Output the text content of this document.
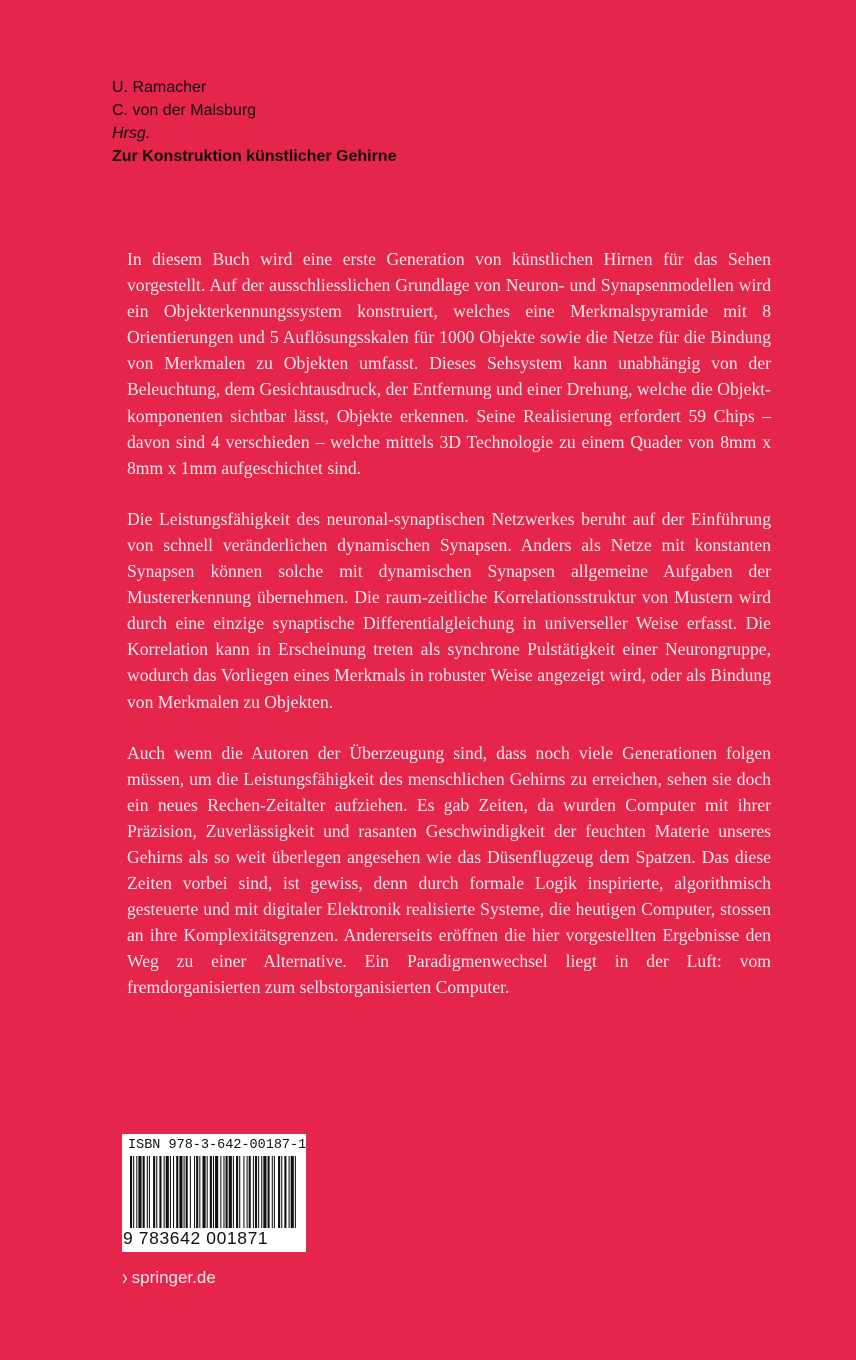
U. Ramacher
C. von der Malsburg
Hrsg.
Zur Konstruktion künstlicher Gehirne

In diesem Buch wird eine erste Generation von künstlichen Hirnen für das Sehen vorgestellt. Auf der ausschliesslichen Grundlage von Neuron- und Synapsenmodellen wird ein Objekterkennungssystem konstruiert, welches eine Merkmalspyramide mit 8 Orientierungen und 5 Auflösungsskalen für 1000 Objekte sowie die Netze für die Bindung von Merkmalen zu Objekten umfasst. Dieses Sehsystem kann unabhängig von der Beleuchtung, dem Gesichtausdruck, der Entfernung und einer Drehung, welche die Objektkomponenten sichtbar lässt, Objekte erkennen. Seine Realisierung erfordert 59 Chips – davon sind 4 verschieden – welche mittels 3D Technologie zu einem Quader von 8mm x 8mm x 1mm aufgeschichtet sind.

Die Leistungsfähigkeit des neuronal-synaptischen Netzwerkes beruht auf der Einführung von schnell veränderlichen dynamischen Synapsen. Anders als Netze mit konstanten Synapsen können solche mit dynamischen Synapsen allgemeine Aufgaben der Mustererkennung übernehmen. Die raum-zeitliche Korrelationsstruktur von Mustern wird durch eine einzige synaptische Differentialgleichung in universeller Weise erfasst. Die Korrelation kann in Erscheinung treten als synchrone Pulstätigkeit einer Neurongruppe, wodurch das Vorliegen eines Merkmals in robuster Weise angezeigt wird, oder als Bindung von Merkmalen zu Objekten.

Auch wenn die Autoren der Überzeugung sind, dass noch viele Generationen folgen müssen, um die Leistungsfähigkeit des menschlichen Gehirns zu erreichen, sehen sie doch ein neues Rechen-Zeitalter aufziehen. Es gab Zeiten, da wurden Computer mit ihrer Präzision, Zuverlässigkeit und rasanten Geschwindigkeit der feuchten Materie unseres Gehirns als so weit überlegen angesehen wie das Düsenflugzeug dem Spatzen. Das diese Zeiten vorbei sind, ist gewiss, denn durch formale Logik inspirierte, algorithmisch gesteuerte und mit digitaler Elektronik realisierte Systeme, die heutigen Computer, stossen an ihre Komplexitätsgrenzen. Andererseits eröffnen die hier vorgestellten Ergebnisse den Weg zu einer Alternative. Ein Paradigmenwechsel liegt in der Luft: vom fremdorganisierten zum selbstorganisierten Computer.

ISBN 978-3-642-00187-1
9 783642 001871
› springer.de
